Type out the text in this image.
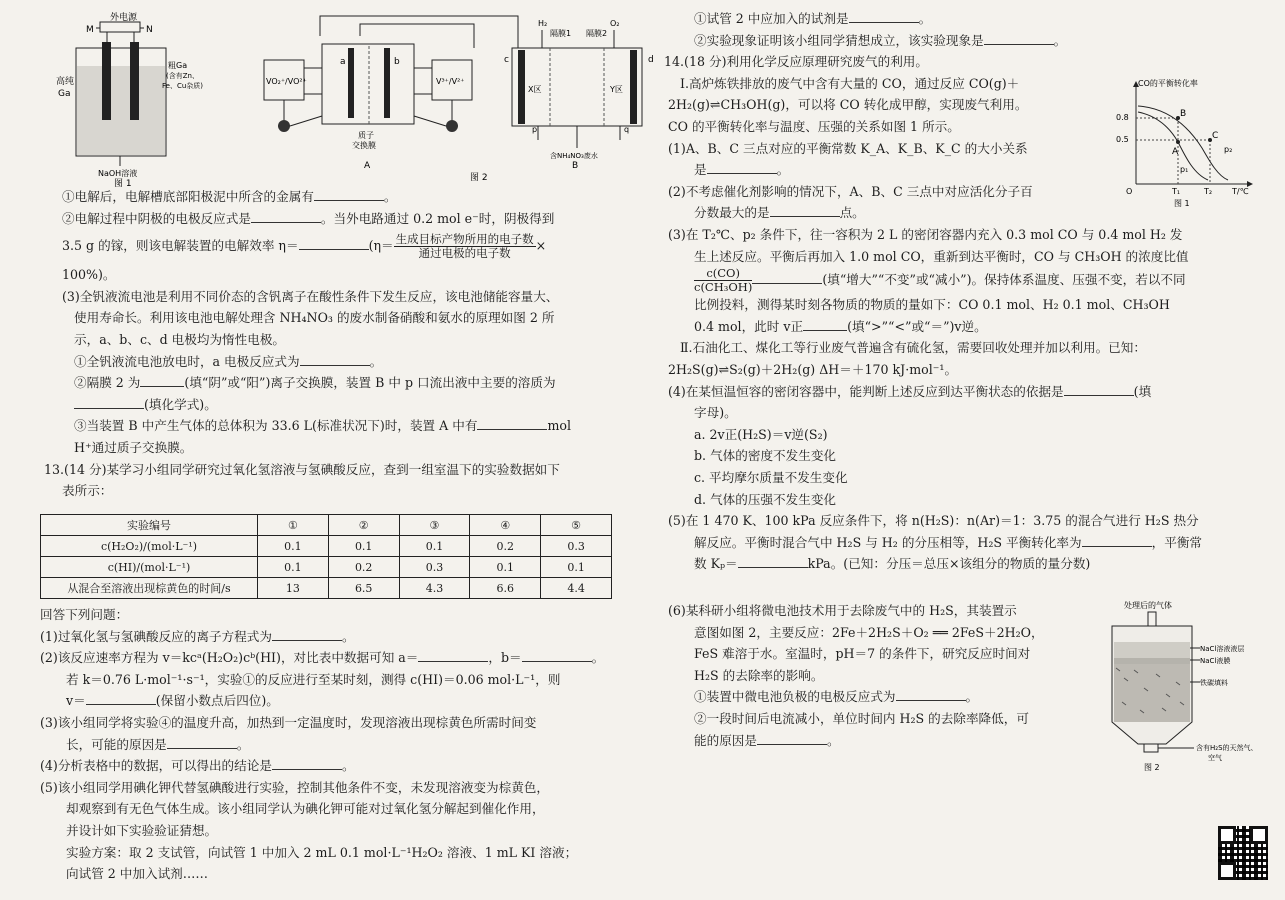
外电源
M	N
高纯
Ga
粗Ga
(含有Zn、
Fe、Cu杂质)
NaOH溶液
图 1
VO₂⁺/VO²⁺	V³⁺/V²⁺
a	b
质子
交换膜
A
c	d
隔膜1 隔膜2
H₂	O₂
X区	Y区
p	q
含NH₄NO₃废水
B
图 2

①电解后，电解槽底部阳极泥中所含的金属有	。

②电解过程中阴极的电极反应式是	。当外电路通过 0.2 mol e⁻时，阴极得到

3.5 g 的镓，则该电解装置的电解效率 η＝	($\eta= \frac{\text{生成目标产物所用的电子数}}{\text{通过电极的电子数}}$ ×

100%)。

(3)全钒液流电池是利用不同价态的含钒离子在酸性条件下发生反应，该电池储能容量大、

使用寿命长。利用该电池电解处理含 NH₄NO₃ 的废水制备硝酸和氨水的原理如图 2 所

示，a、b、c、d 电极均为惰性电极。

①全钒液流电池放电时，a 电极反应式为	。

②隔膜 2 为	(填“阴”或“阳”)离子交换膜，装置 B 中 p 口流出液中主要的溶质为

(填化学式)。

③当装置 B 中产生气体的总体积为 33.6 L(标准状况下)时，装置 A 中有	mol

H⁺通过质子交换膜。

13.(14 分)某学习小组同学研究过氧化氢溶液与氢碘酸反应，查到一组室温下的实验数据如下

表所示：

实验编号	①	②	③	④	⑤
c(H₂O₂)/(mol·L⁻¹)	0.1	0.1	0.1	0.2	0.3
c(HI)/(mol·L⁻¹)	0.1	0.2	0.3	0.1	0.1
从混合至溶液出现棕黄色的时间/s	13	6.5	4.3	6.6	4.4

回答下列问题：

(1)过氧化氢与氢碘酸反应的离子方程式为	。

(2)该反应速率方程为 v＝kcᵃ(H₂O₂)cᵇ(HI)，对比表中数据可知 a＝	，b＝	。

若 k＝0.76 L·mol⁻¹·s⁻¹，实验①的反应进行至某时刻，测得 c(HI)＝0.06 mol·L⁻¹，则

v＝	(保留小数点后四位)。

(3)该小组同学将实验④的温度升高，加热到一定温度时，发现溶液出现棕黄色所需时间变

长，可能的原因是	。

(4)分析表格中的数据，可以得出的结论是	。

(5)该小组同学用碘化钾代替氢碘酸进行实验，控制其他条件不变，未发现溶液变为棕黄色，

却观察到有无色气体生成。该小组同学认为碘化钾可能对过氧化氢分解起到催化作用，

并设计如下实验验证猜想。

实验方案：取 2 支试管，向试管 1 中加入 2 mL 0.1 mol·L⁻¹H₂O₂ 溶液、1 mL KI 溶液；

向试管 2 中加入试剂……

①试管 2 中应加入的试剂是	。

②实验现象证明该小组同学猜想成立，该实验现象是	。

14.(18 分)利用化学反应原理研究废气的利用。

Ⅰ.高炉炼铁排放的废气中含有大量的 CO，通过反应 CO(g)＋

2H₂(g)⇌CH₃OH(g)，可以将 CO 转化成甲醇，实现废气利用。

CO 的平衡转化率与温度、压强的关系如图 1 所示。

(1)A、B、C 三点对应的平衡常数 K_A、K_B、K_C 的大小关系

是	。

(2)不考虑催化剂影响的情况下，A、B、C 三点中对应活化分子百

分数最大的是	点。

CO的平衡转化率
0.8
0.5
O
B
A
C
p₁
p₂
T₁	T₂ T/℃
图 1

(3)在 T₂℃、p₂ 条件下，往一容积为 2 L 的密闭容器内充入 0.3 mol CO 与 0.4 mol H₂ 发

生上述反应。平衡后再加入 1.0 mol CO，重新到达平衡时，CO 与 CH₃OH 的浓度比值

$\frac{c(CO)}{\text{c(CH₃OH)}}$	(填“增大”“不变”或“减小”)。保持体系温度、压强不变，若以不同

比例投料，测得某时刻各物质的物质的量如下：CO 0.1 mol、H₂ 0.1 mol、CH₃OH

0.4 mol，此时 v正	(填“>”“<”或“＝”)v逆。

Ⅱ.石油化工、煤化工等行业废气普遍含有硫化氢，需要回收处理并加以利用。已知：

2H₂S(g)⇌S₂(g)＋2H₂(g) ΔH＝＋170 kJ·mol⁻¹。

(4)在某恒温恒容的密闭容器中，能判断上述反应到达平衡状态的依据是	(填

字母)。

a. 2v正(H₂S)＝v逆(S₂)

b. 气体的密度不发生变化

c. 平均摩尔质量不发生变化

d. 气体的压强不发生变化

(5)在 1 470 K、100 kPa 反应条件下，将 n(H₂S)：n(Ar)＝1：3.75 的混合气进行 H₂S 热分

解反应。平衡时混合气中 H₂S 与 H₂ 的分压相等，H₂S 平衡转化率为	，平衡常

数 Kₚ＝	kPa。(已知：分压＝总压×该组分的物质的量分数)

(6)某科研小组将微电池技术用于去除废气中的 H₂S，其装置示

意图如图 2，主要反应：2Fe＋2H₂S＋O₂ ══ 2FeS＋2H₂O，

FeS 难溶于水。室温时，pH＝7 的条件下，研究反应时间对

H₂S 的去除率的影响。

①装置中微电池负极的电极反应式为	。

②一段时间后电流减小，单位时间内 H₂S 的去除率降低，可

能的原因是	。

处理后的气体
NaCl溶液液层
NaCl液膜
铁碳填料
含有H₂S的天然气、
空气
图 2
